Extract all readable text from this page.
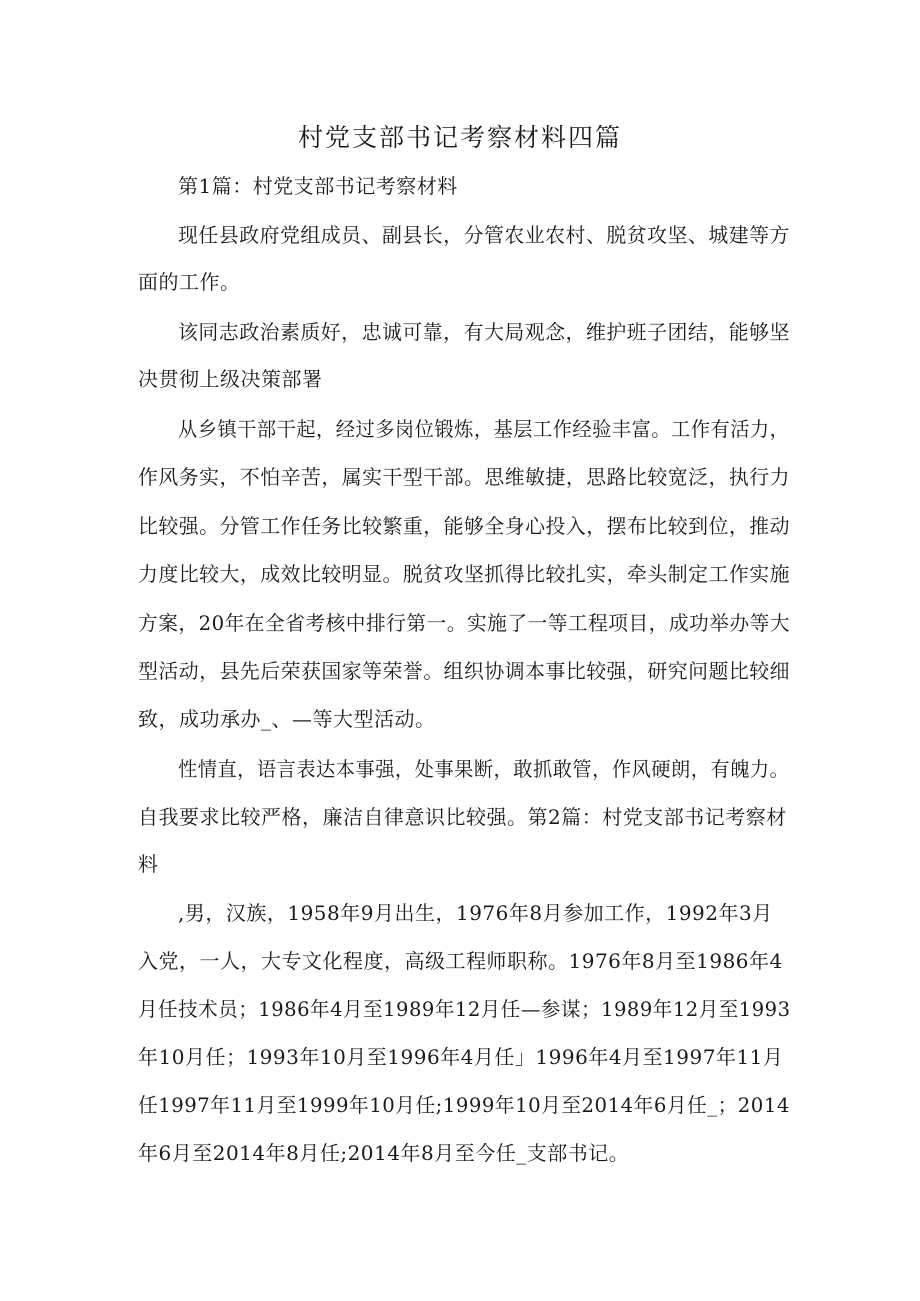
村党支部书记考察材料四篇
第1篇：村党支部书记考察材料
现任县政府党组成员、副县长，分管农业农村、脱贫攻坚、城建等方
面的工作。
该同志政治素质好，忠诚可靠，有大局观念，维护班子团结，能够坚
决贯彻上级决策部署
从乡镇干部干起，经过多岗位锻炼，基层工作经验丰富。工作有活力，
作风务实，不怕辛苦，属实干型干部。思维敏捷，思路比较宽泛，执行力
比较强。分管工作任务比较繁重，能够全身心投入，摆布比较到位，推动
力度比较大，成效比较明显。脱贫攻坚抓得比较扎实，牵头制定工作实施
方案，20年在全省考核中排行第一。实施了一等工程项目，成功举办等大
型活动，县先后荣获国家等荣誉。组织协调本事比较强，研究问题比较细
致，成功承办_、—等大型活动。
性情直，语言表达本事强，处事果断，敢抓敢管，作风硬朗，有魄力。
自我要求比较严格，廉洁自律意识比较强。第2篇：村党支部书记考察材
料
,男，汉族，1958年9月出生，1976年8月参加工作，1992年3月
入党，一人，大专文化程度，高级工程师职称。1976年8月至1986年4
月任技术员；1986年4月至1989年12月任—参谋；1989年12月至1993
年10月任；1993年10月至1996年4月任」1996年4月至1997年11月
任1997年11月至1999年10月任;1999年10月至2014年6月任_；2014
年6月至2014年8月任;2014年8月至今任_支部书记。
